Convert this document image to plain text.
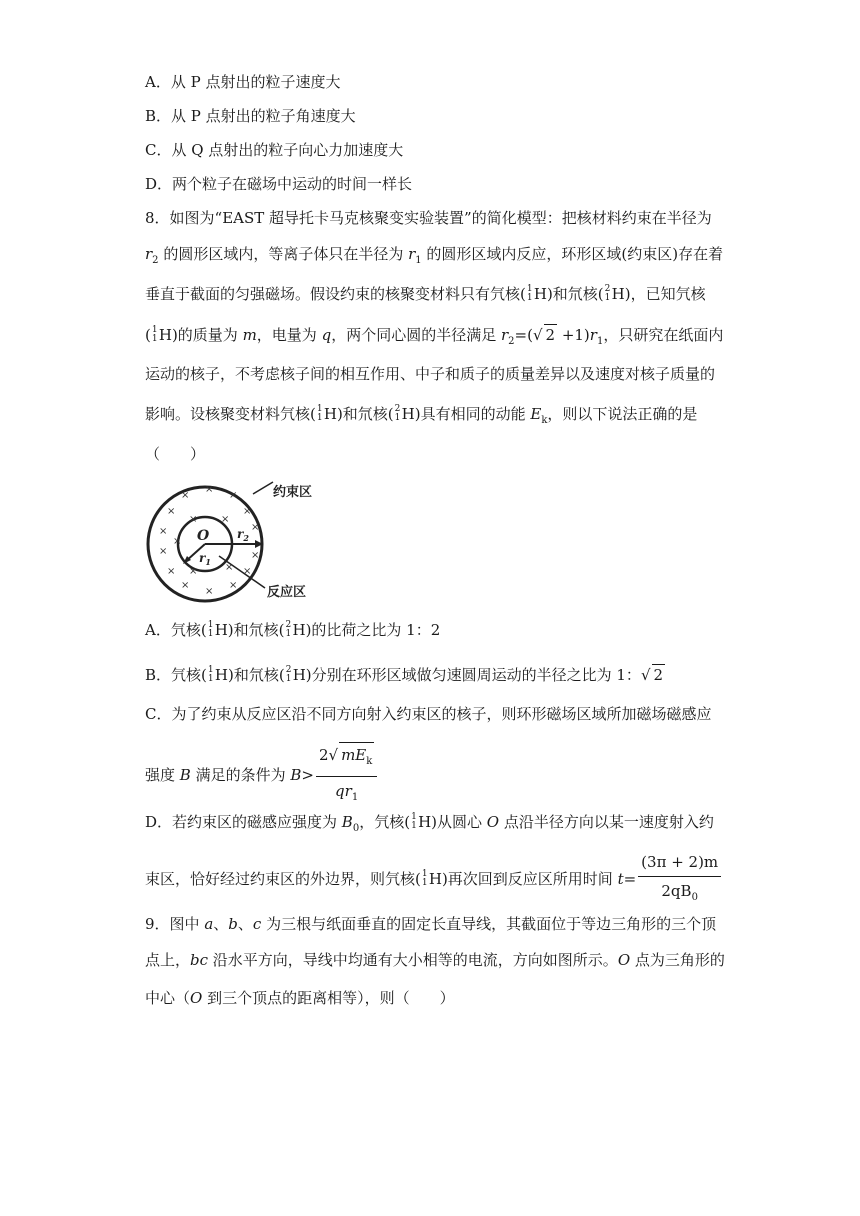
A．从 P 点射出的粒子速度大
B．从 P 点射出的粒子角速度大
C．从 Q 点射出的粒子向心力加速度大
D．两个粒子在磁场中运动的时间一样长
8．如图为“EAST 超导托卡马克核聚变实验装置”的简化模型：把核材料约束在半径为
$r_2$ 的圆形区域内，等离子体只在半径为 $r_1$ 的圆形区域内反应，环形区域(约束区)存在着
垂直于截面的匀强磁场。假设约束的核聚变材料只有氕核( 1
1 H)和氘核( 2
1 H)，已知氕核
( 1
1 H)的质量为 m，电量为 q，两个同心圆的半径满足 $r_2=(√$ $2 +1)r_1$，只研究在纸面内
运动的核子，不考虑核子间的相互作用、中子和质子的质量差异以及速度对核子质量的
影响。设核聚变材料氕核( 1
1 H)和氘核( 2
1 H)具有相同的动能 $E_k$，则以下说法正确的是
（　　）
×
×
×
×	×
×	×
×	×
×	×
×
×
×
× ×
×	×
× O $r_2$
$r_1$
约束区
反应区
A．氕核( 1
1 H)和氘核( 2
1 H)的比荷之比为 1：2
B．氕核( 1
1 H)和氘核( 2
1 H)分别在环形区域做匀速圆周运动的半径之比为 1：√ 2
C．为了约束从反应区沿不同方向射入约束区的核子，则环形磁场区域所加磁场磁感应
强度 B 满足的条件为 $B> \frac{2√ mE_k}{qr_1}$
D．若约束区的磁感应强度为 $B_0$，氕核( 1
1 H)从圆心 O 点沿半径方向以某一速度射入约
束区，恰好经过约束区的外边界，则氕核( 1
1 H)再次回到反应区所用时间 $t= \frac{(3\pi + 2)m}{2qB_0}$
9．图中 a、b、c 为三根与纸面垂直的固定长直导线，其截面位于等边三角形的三个顶
点上，bc 沿水平方向，导线中均通有大小相等的电流，方向如图所示。O 点为三角形的
中心（O 到三个顶点的距离相等），则（　　）
